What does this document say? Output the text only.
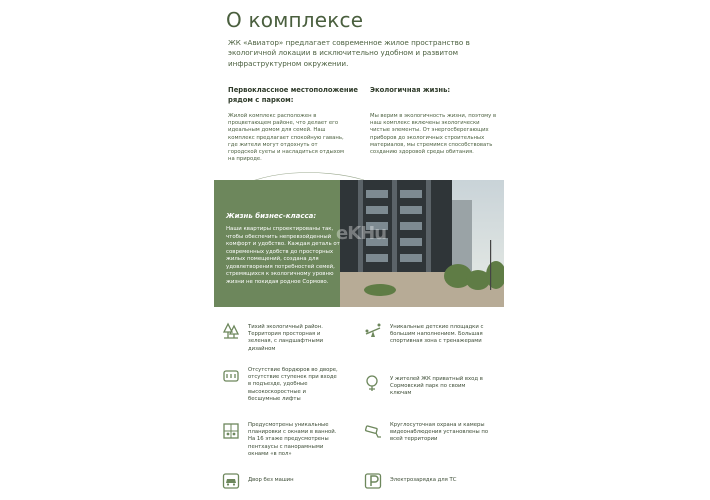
О комплексе
ЖК «Авиатор» предлагает современное жилое пространство в экологичной локации в исключительно удобном и развитом инфраструктурном окружении.
Первоклассное местоположение рядом с парком:
Жилой комплекс расположен в процветающем районе, что делает его идеальным домом для семей. Наш комплекс предлагает спокойную гавань, где жители могут отдохнуть от городской суеты и насладиться отдыхом на природе.
Экологичная жизнь:
Мы верим в экологичность жизни, поэтому в наш комплекс включены экологически чистые элементы. От энергосберегающих приборов до экологичных строительных материалов, мы стремимся способствовать созданию здоровой среды обитания.
eKHu
Жизнь бизнес-класса:
Наши квартиры спроектированы так, чтобы обеспечить непревзойденный комфорт и удобство. Каждая деталь от современных удобств до просторных жилых помещений, создана для удовлетворения потребностей семей, стремящихся к экологичному уровню жизни не покидая родное Сормово.
Тихий экологичный район. Территория просторная и зеленая, с ландшафтными дизайном
Уникальные детские площадки с большим наполнением. Большая спортивная зона с тренажерами
Отсутствие бордюров во дворе, отсутствие ступенек при входе в подъезде, удобные высокоскоростные и бесшумные лифты
У жителей ЖК приватный вход в Сормовский парк по своим ключам
Предусмотрены уникальные планировки с окнами в ванной. На 16 этаже предусмотрены пентхаусы с панорамными окнами «в пол»
Круглосуточная охрана и камеры видеонаблюдения установлены по всей территории
Двор без машин	Электрозарядка для ТС
